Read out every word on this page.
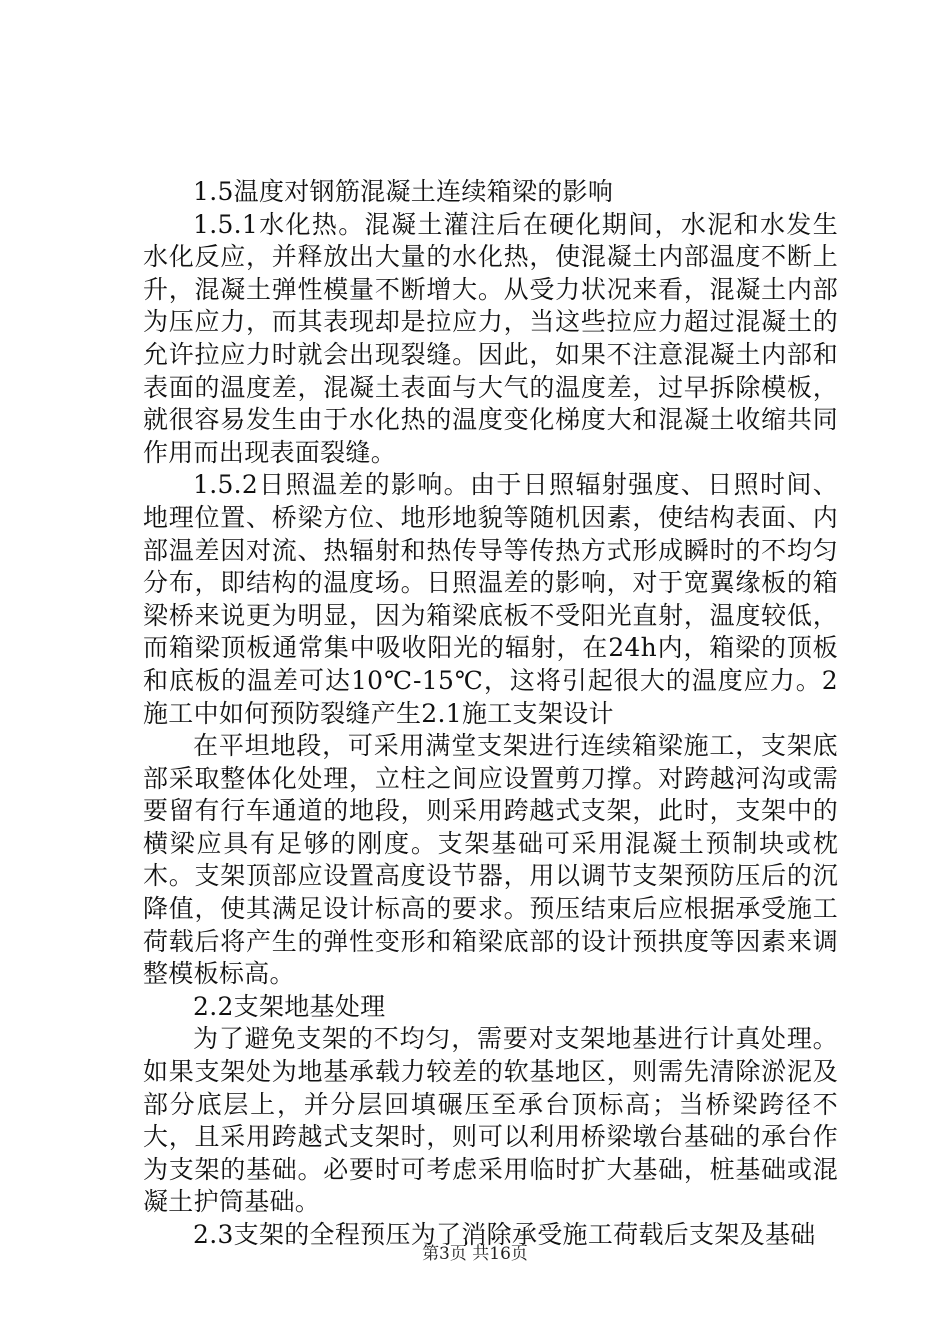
1.5温度对钢筋混凝土连续箱梁的影响

1.5.1水化热。混凝土灌注后在硬化期间，水泥和水发生水化反应，并释放出大量的水化热，使混凝土内部温度不断上升，混凝土弹性模量不断增大。从受力状况来看，混凝土内部为压应力，而其表现却是拉应力，当这些拉应力超过混凝土的允许拉应力时就会出现裂缝。因此，如果不注意混凝土内部和表面的温度差，混凝土表面与大气的温度差，过早拆除模板，就很容易发生由于水化热的温度变化梯度大和混凝土收缩共同作用而出现表面裂缝。

1.5.2日照温差的影响。由于日照辐射强度、日照时间、地理位置、桥梁方位、地形地貌等随机因素，使结构表面、内部温差因对流、热辐射和热传导等传热方式形成瞬时的不均匀分布，即结构的温度场。日照温差的影响，对于宽翼缘板的箱梁桥来说更为明显，因为箱梁底板不受阳光直射，温度较低，而箱梁顶板通常集中吸收阳光的辐射，在24h内，箱梁的顶板和底板的温差可达10℃-15℃，这将引起很大的温度应力。2施工中如何预防裂缝产生2.1施工支架设计

在平坦地段，可采用满堂支架进行连续箱梁施工，支架底部采取整体化处理，立柱之间应设置剪刀撑。对跨越河沟或需要留有行车通道的地段，则采用跨越式支架，此时，支架中的横梁应具有足够的刚度。支架基础可采用混凝土预制块或枕木。支架顶部应设置高度设节器，用以调节支架预防压后的沉降值，使其满足设计标高的要求。预压结束后应根据承受施工荷载后将产生的弹性变形和箱梁底部的设计预拱度等因素来调整模板标高。

2.2支架地基处理

为了避免支架的不均匀，需要对支架地基进行计真处理。如果支架处为地基承载力较差的软基地区，则需先清除淤泥及部分底层上，并分层回填碾压至承台顶标高；当桥梁跨径不大，且采用跨越式支架时，则可以利用桥梁墩台基础的承台作为支架的基础。必要时可考虑采用临时扩大基础，桩基础或混凝土护筒基础。

2.3支架的全程预压为了消除承受施工荷载后支架及基础

第3页 共16页
